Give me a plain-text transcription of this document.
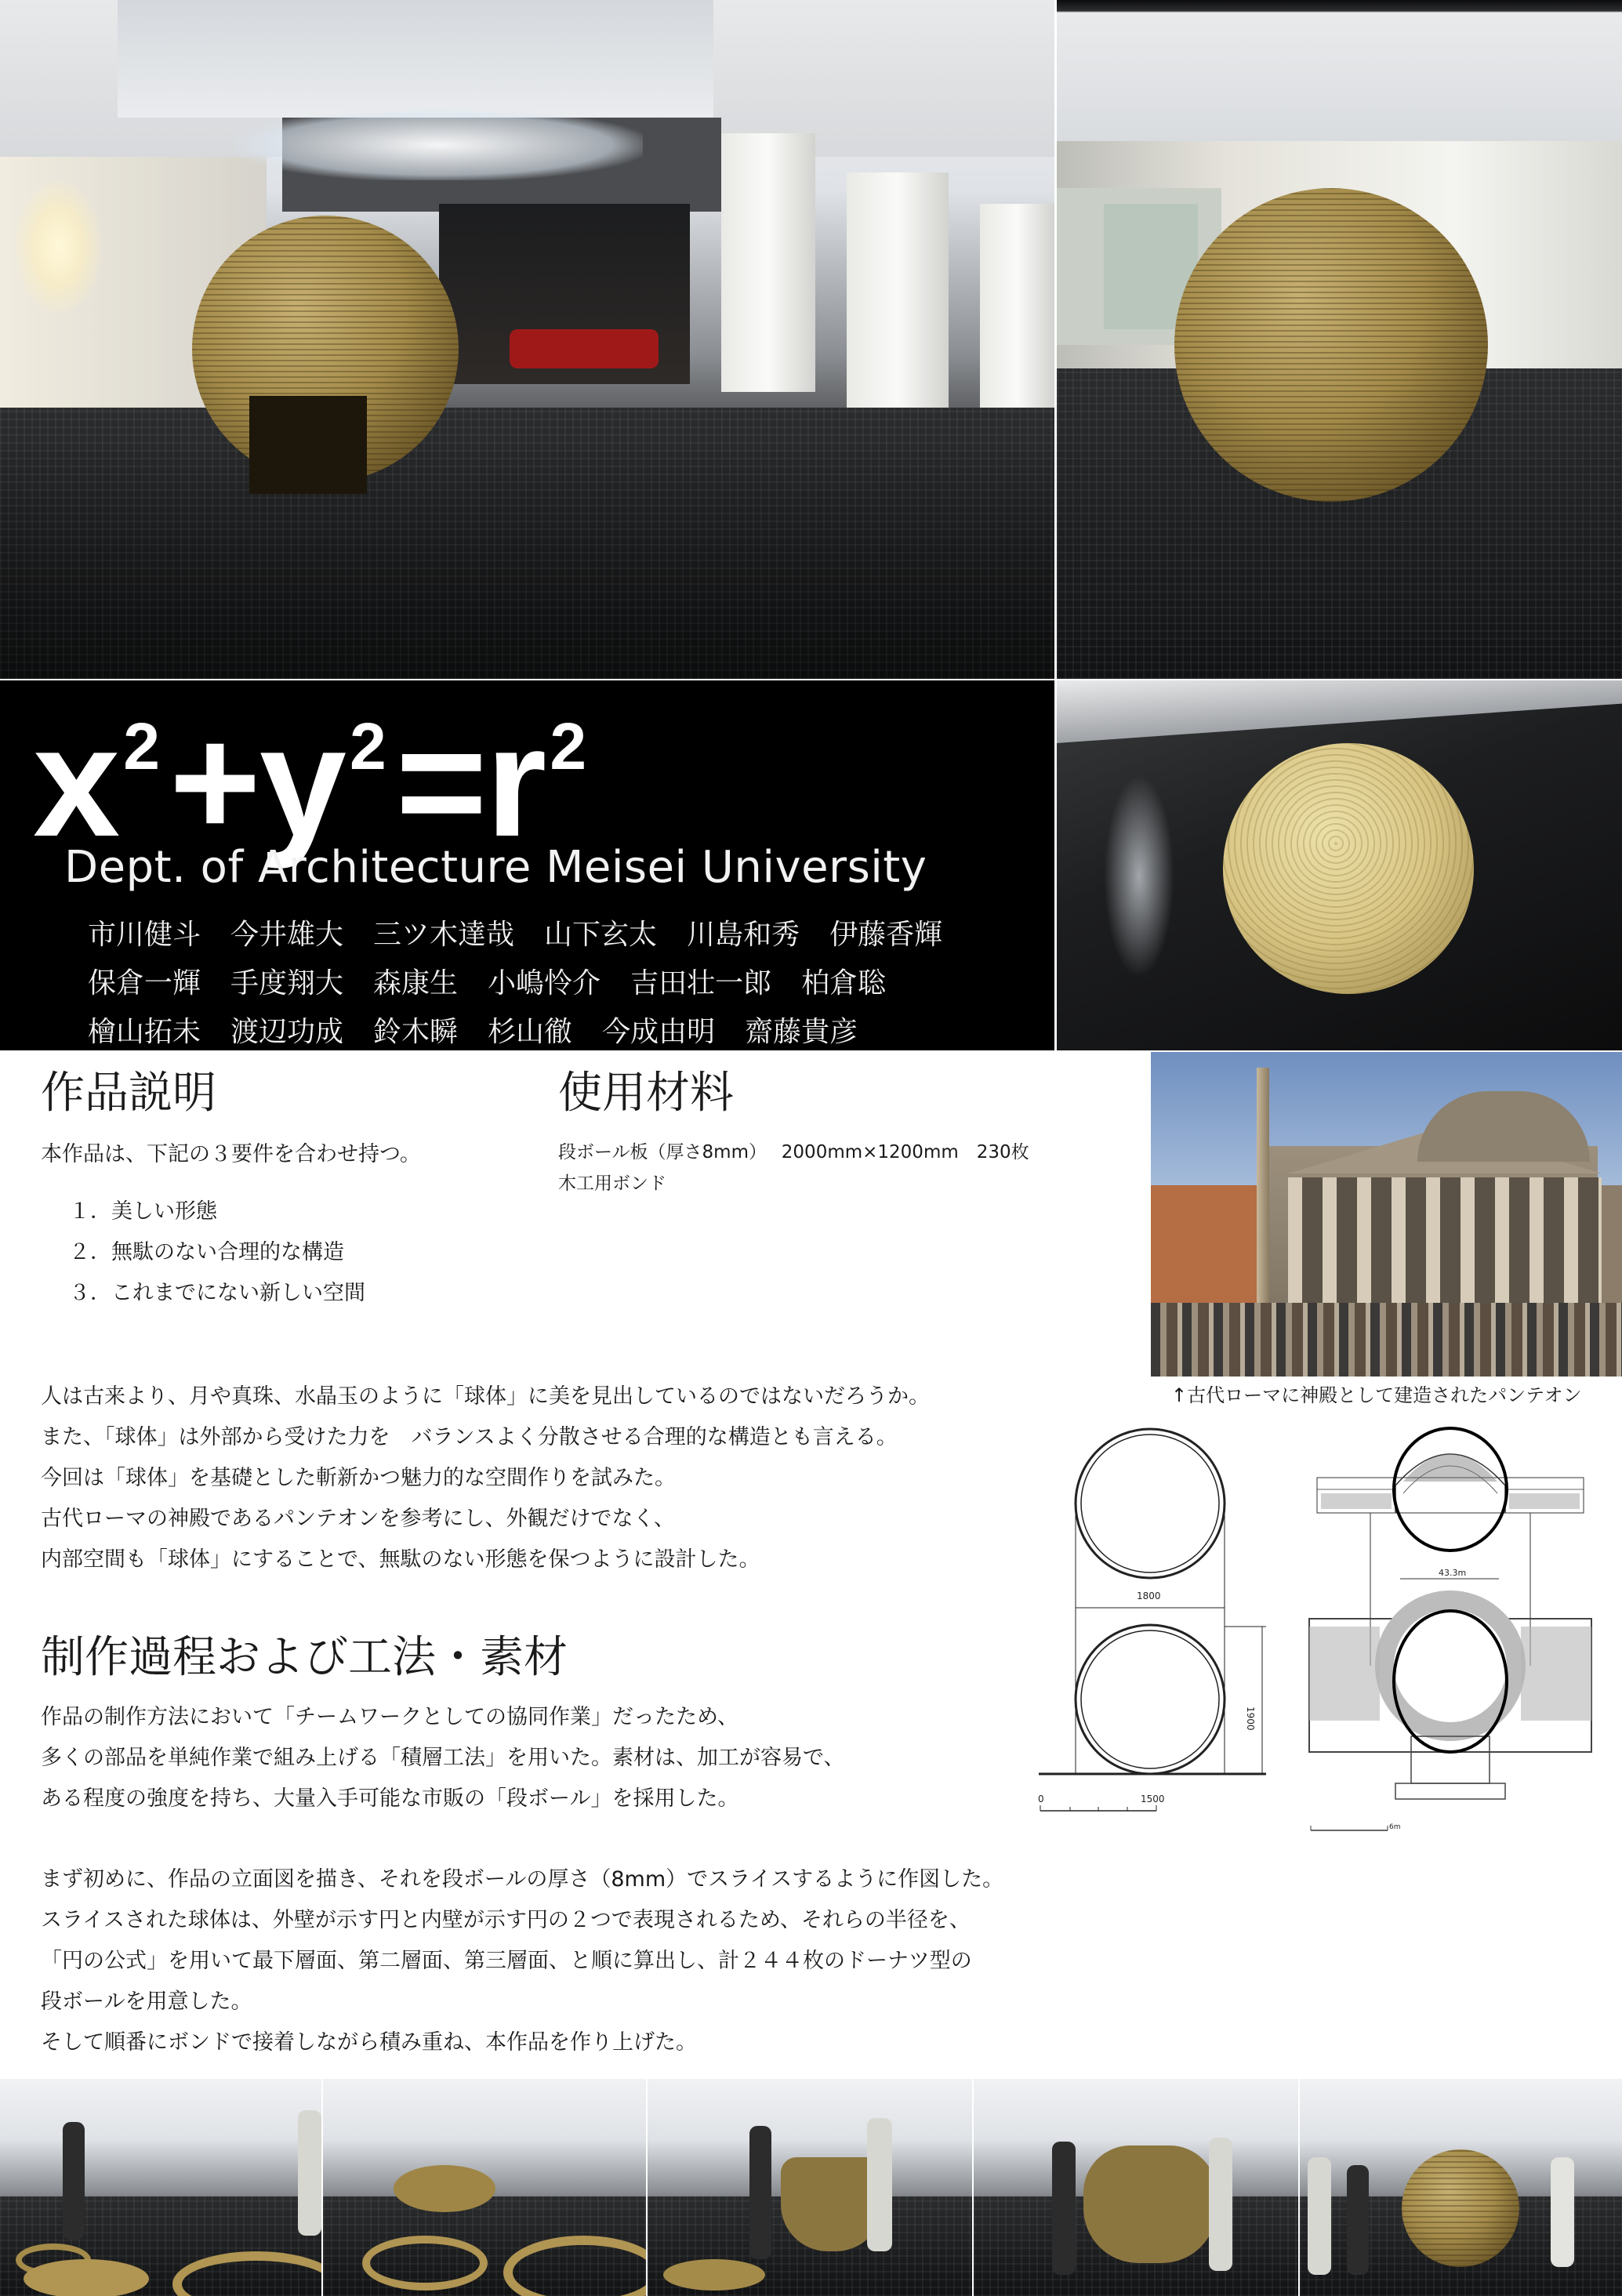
$x^2+y^2=r^2$
Dept. of Architecture Meisei University
市川健斗 今井雄大 三ツ木達哉 山下玄太 川島和秀 伊藤香輝
保倉一輝 手度翔大 森康生 小嶋怜介 吉田壮一郎 柏倉聡
檜山拓未 渡辺功成 鈴木瞬 杉山徹 今成由明 齋藤貴彦
作品説明
本作品は、下記の３要件を合わせ持つ。
１．美しい形態
２．無駄のない合理的な構造
３．これまでにない新しい空間
使用材料
段ボール板（厚さ8mm）　 2000mm×1200mm　230枚
木工用ボンド
人は古来より、月や真珠、水晶玉のように「球体」に美を見出しているのではないだろうか。
また、「球体」は外部から受けた力を　バランスよく分散させる合理的な構造とも言える。
今回は「球体」を基礎とした斬新かつ魅力的な空間作りを試みた。
古代ローマの神殿であるパンテオンを参考にし、外観だけでなく、
内部空間も「球体」にすることで、無駄のない形態を保つように設計した。
↑古代ローマに神殿として建造されたパンテオン
1800
1900
0	1500
43.3m
6m
制作過程および工法・素材
作品の制作方法において「チームワークとしての協同作業」だったため、
多くの部品を単純作業で組み上げる「積層工法」を用いた。素材は、加工が容易で、
ある程度の強度を持ち、大量入手可能な市販の「段ボール」を採用した。
まず初めに、作品の立面図を描き、それを段ボールの厚さ（8mm）でスライスするように作図した。
スライスされた球体は、外壁が示す円と内壁が示す円の２つで表現されるため、それらの半径を、
「円の公式」を用いて最下層面、第二層面、第三層面、と順に算出し、計２４４枚のドーナツ型の
段ボールを用意した。
そして順番にボンドで接着しながら積み重ね、本作品を作り上げた。
